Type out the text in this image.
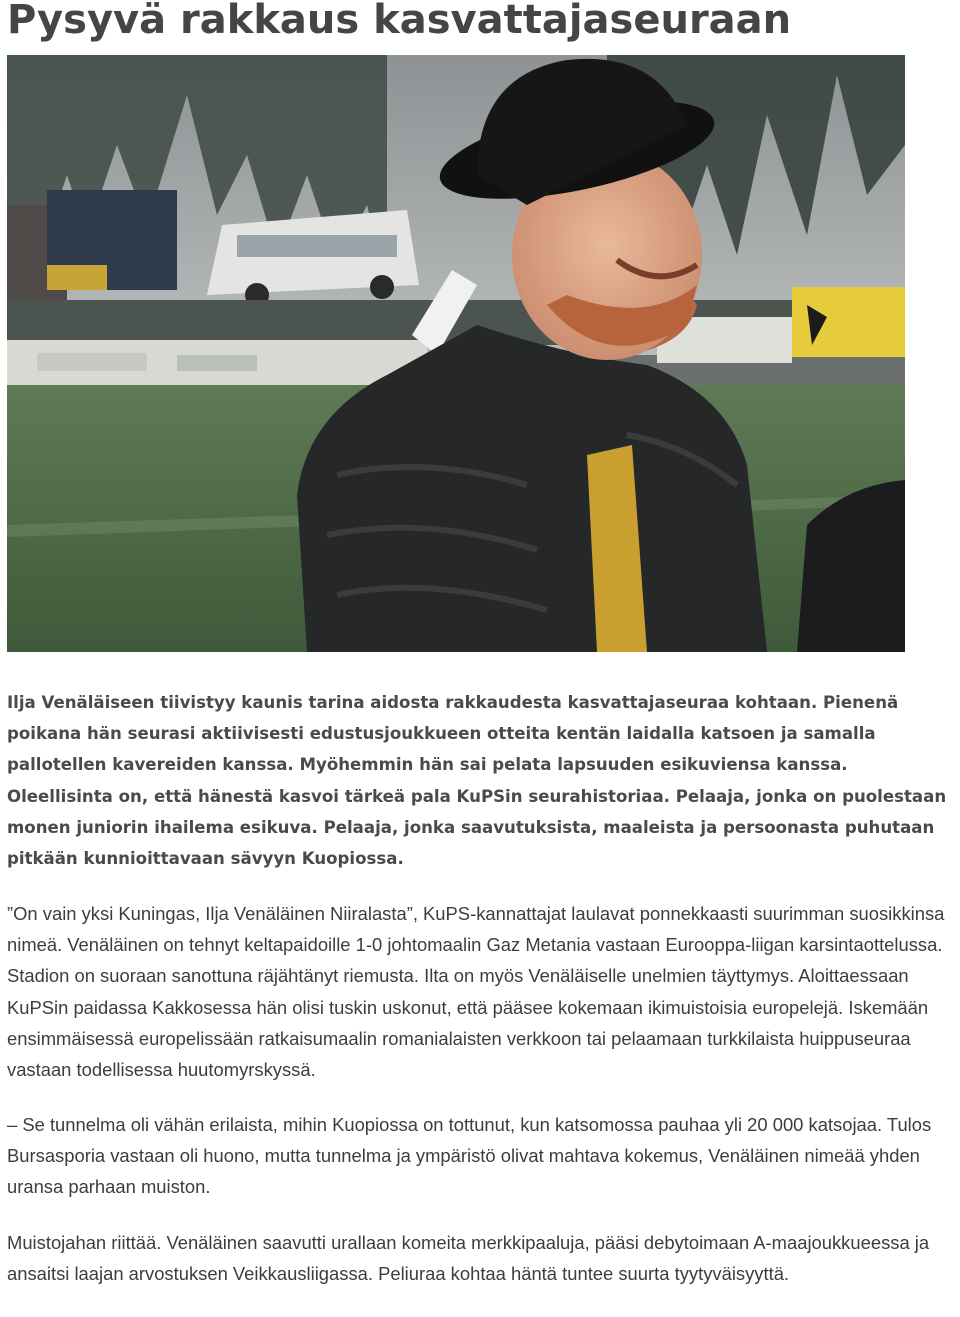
Pysyvä rakkaus kasvattajaseuraan

Ilja Venäläiseen tiivistyy kaunis tarina aidosta rakkaudesta kasvattajaseuraa kohtaan. Pienenä poikana hän seurasi aktiivisesti edustusjoukkueen otteita kentän laidalla katsoen ja samalla pallotellen kavereiden kanssa. Myöhemmin hän sai pelata lapsuuden esikuviensa kanssa. Oleellisinta on, että hänestä kasvoi tärkeä pala KuPSin seurahistoriaa. Pelaaja, jonka on puolestaan monen juniorin ihailema esikuva. Pelaaja, jonka saavutuksista, maaleista ja persoonasta puhutaan pitkään kunnioittavaan sävyyn Kuopiossa.

”On vain yksi Kuningas, Ilja Venäläinen Niiralasta”, KuPS-kannattajat laulavat ponnekkaasti suurimman suosikkinsa nimeä. Venäläinen on tehnyt keltapaidoille 1-0 johtomaalin Gaz Metania vastaan Eurooppa-liigan karsintaottelussa. Stadion on suoraan sanottuna räjähtänyt riemusta. Ilta on myös Venäläiselle unelmien täyttymys. Aloittaessaan KuPSin paidassa Kakkosessa hän olisi tuskin uskonut, että pääsee kokemaan ikimuistoisia europelejä. Iskemään ensimmäisessä europelissään ratkaisumaalin romanialaisten verkkoon tai pelaamaan turkkilaista huippuseuraa vastaan todellisessa huutomyrskyssä.

– Se tunnelma oli vähän erilaista, mihin Kuopiossa on tottunut, kun katsomossa pauhaa yli 20 000 katsojaa. Tulos Bursasporia vastaan oli huono, mutta tunnelma ja ympäristö olivat mahtava kokemus, Venäläinen nimeää yhden uransa parhaan muiston.

Muistojahan riittää. Venäläinen saavutti urallaan komeita merkkipaaluja, pääsi debytoimaan A-maajoukkueessa ja ansaitsi laajan arvostuksen Veikkausliigassa. Peliuraa kohtaa häntä tuntee suurta tyytyväisyyttä.
